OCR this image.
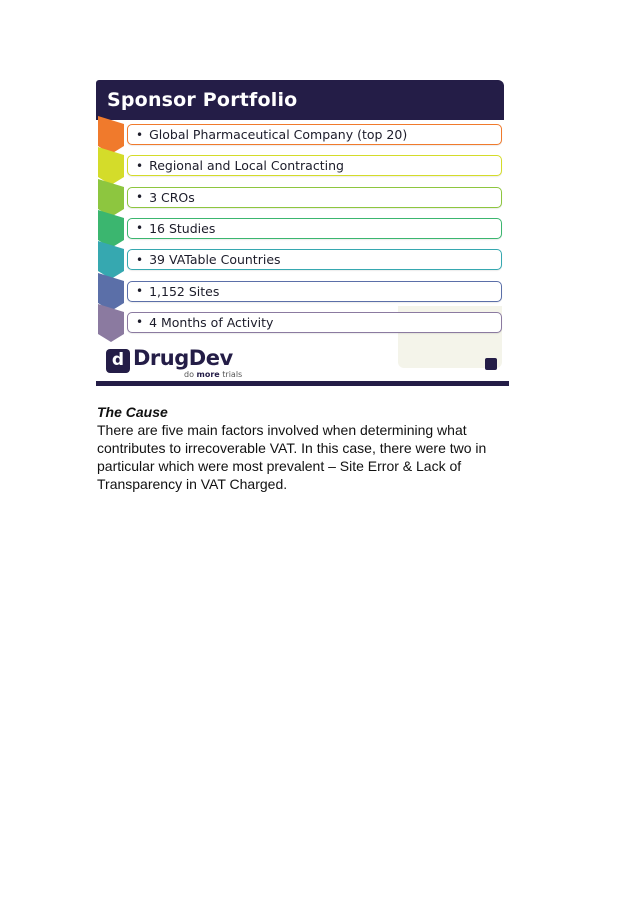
Sponsor Portfolio
• Global Pharmaceutical Company (top 20)
• Regional and Local Contracting
• 3 CROs
• 16 Studies
• 39 VATable Countries
• 1,152 Sites
• 4 Months of Activity
d DrugDev
do more trials
The Cause

There are five main factors involved when determining what contributes to irrecoverable VAT. In this case, there were two in particular which were most prevalent – Site Error & Lack of Transparency in VAT Charged.
